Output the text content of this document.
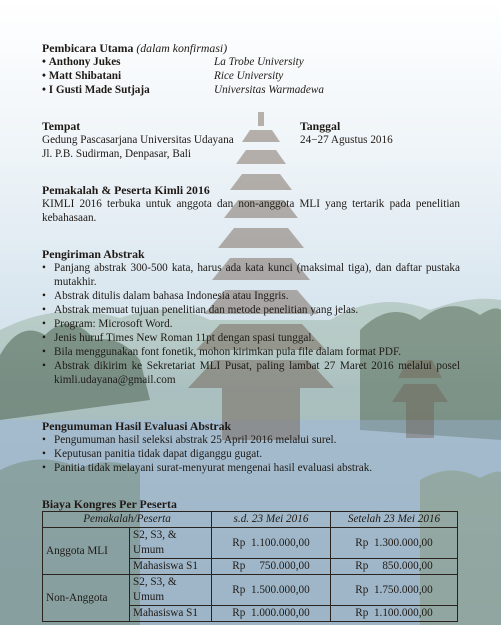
Pembicara Utama (dalam konfirmasi)
• Anthony Jukes	La Trobe University
• Matt Shibatani	Rice University
• I Gusti Made Sutjaja	Universitas Warmadewa
Tempat
Gedung Pascasarjana Universitas Udayana
Jl. P.B. Sudirman, Denpasar, Bali
Tanggal
24−27 Agustus 2016
Pemakalah & Peserta Kimli 2016
KIMLI 2016 terbuka untuk anggota dan non-anggota MLI yang tertarik pada penelitian kebahasaan.
Pengiriman Abstrak
• Panjang abstrak 300-500 kata, harus ada kata kunci (maksimal tiga), dan daftar pustaka mutakhir.
• Abstrak ditulis dalam bahasa Indonesia atau Inggris.
• Abstrak memuat tujuan penelitian dan metode penelitian yang jelas.
• Program: Microsoft Word.
• Jenis huruf Times New Roman 11pt dengan spasi tunggal.
• Bila menggunakan font fonetik, mohon kirimkan pula file dalam format PDF.
• Abstrak dikirim ke Sekretariat MLI Pusat, paling lambat 27 Maret 2016 melalui posel kimli.udayana@gmail.com
Pengumuman Hasil Evaluasi Abstrak
• Pengumuman hasil seleksi abstrak 25 April 2016 melalui surel.
• Keputusan panitia tidak dapat diganggu gugat.
• Panitia tidak melayani surat-menyurat mengenai hasil evaluasi abstrak.
Biaya Kongres Per Peserta
Pemakalah/Peserta		s.d. 23 Mei 2016	Setelah 23 Mei 2016
Anggota MLI	S2, S3, & Umum	Rp  1.100.000,00	Rp  1.300.000,00
	Mahasiswa S1	Rp     750.000,00	Rp     850.000,00
Non-Anggota	S2, S3, & Umum	Rp  1.500.000,00	Rp  1.750.000,00
	Mahasiswa S1	Rp  1.000.000,00	Rp  1.100.000,00
